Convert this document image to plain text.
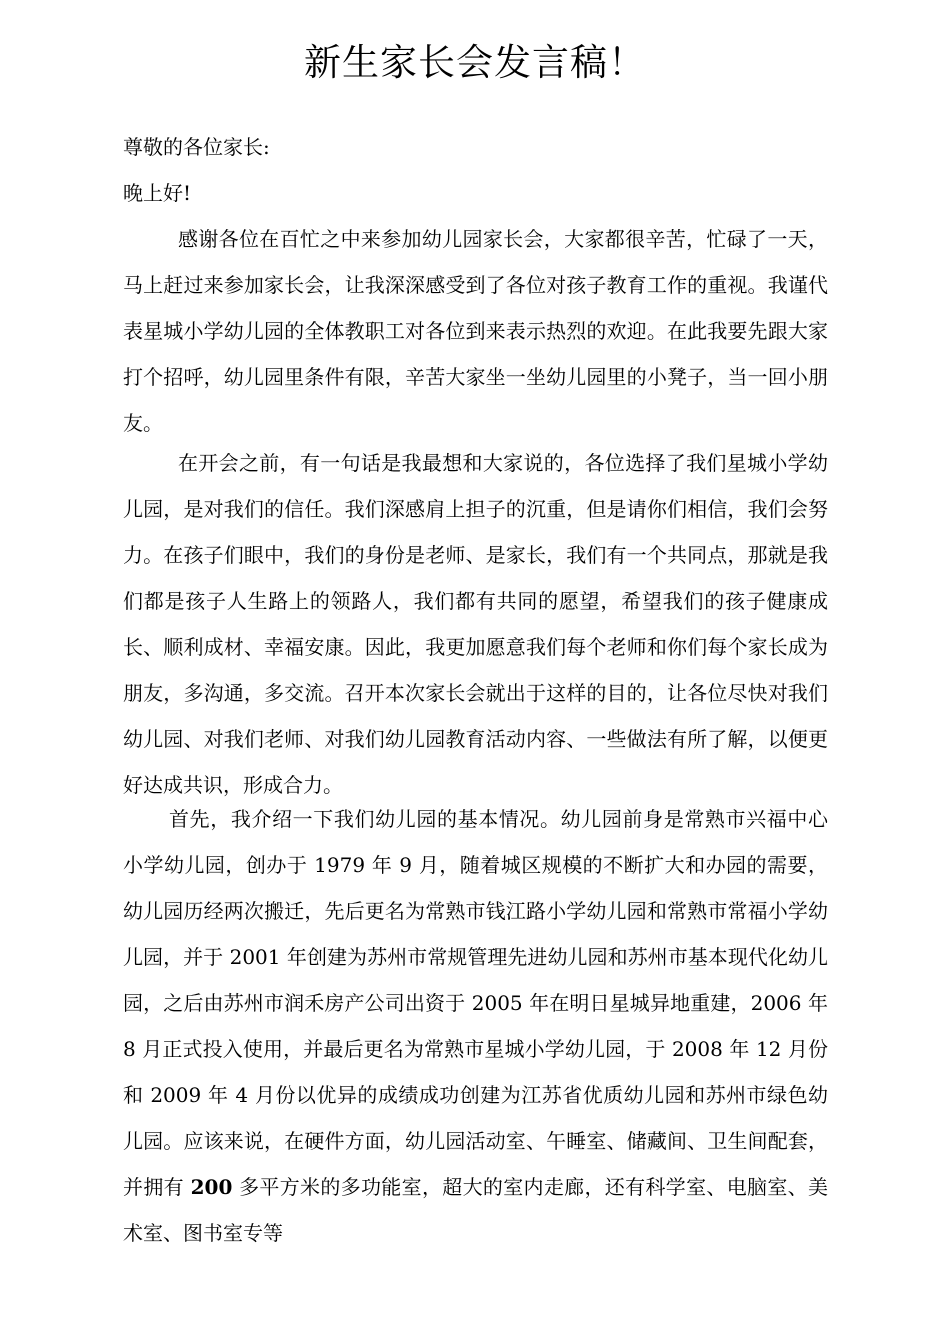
新生家长会发言稿！
尊敬的各位家长:
晚上好!
感谢各位在百忙之中来参加幼儿园家长会，大家都很辛苦，忙碌了一天，马上赶过来参加家长会，让我深深感受到了各位对孩子教育工作的重视。我谨代表星城小学幼儿园的全体教职工对各位到来表示热烈的欢迎。在此我要先跟大家打个招呼，幼儿园里条件有限，辛苦大家坐一坐幼儿园里的小凳子，当一回小朋友。
在开会之前，有一句话是我最想和大家说的，各位选择了我们星城小学幼儿园，是对我们的信任。我们深感肩上担子的沉重，但是请你们相信，我们会努力。在孩子们眼中，我们的身份是老师、是家长，我们有一个共同点，那就是我们都是孩子人生路上的领路人，我们都有共同的愿望，希望我们的孩子健康成长、顺利成材、幸福安康。因此，我更加愿意我们每个老师和你们每个家长成为朋友，多沟通，多交流。召开本次家长会就出于这样的目的，让各位尽快对我们幼儿园、对我们老师、对我们幼儿园教育活动内容、一些做法有所了解，以便更好达成共识，形成合力。
首先，我介绍一下我们幼儿园的基本情况。幼儿园前身是常熟市兴福中心小学幼儿园，创办于 1979 年 9 月，随着城区规模的不断扩大和办园的需要，幼儿园历经两次搬迁，先后更名为常熟市钱江路小学幼儿园和常熟市常福小学幼儿园，并于 2001 年创建为苏州市常规管理先进幼儿园和苏州市基本现代化幼儿园，之后由苏州市润禾房产公司出资于 2005 年在明日星城异地重建，2006 年 8 月正式投入使用，并最后更名为常熟市星城小学幼儿园，于 2008 年 12 月份和 2009 年 4 月份以优异的成绩成功创建为江苏省优质幼儿园和苏州市绿色幼儿园。应该来说，在硬件方面，幼儿园活动室、午睡室、储藏间、卫生间配套，并拥有 200 多平方米的多功能室，超大的室内走廊，还有科学室、电脑室、美术室、图书室专等
